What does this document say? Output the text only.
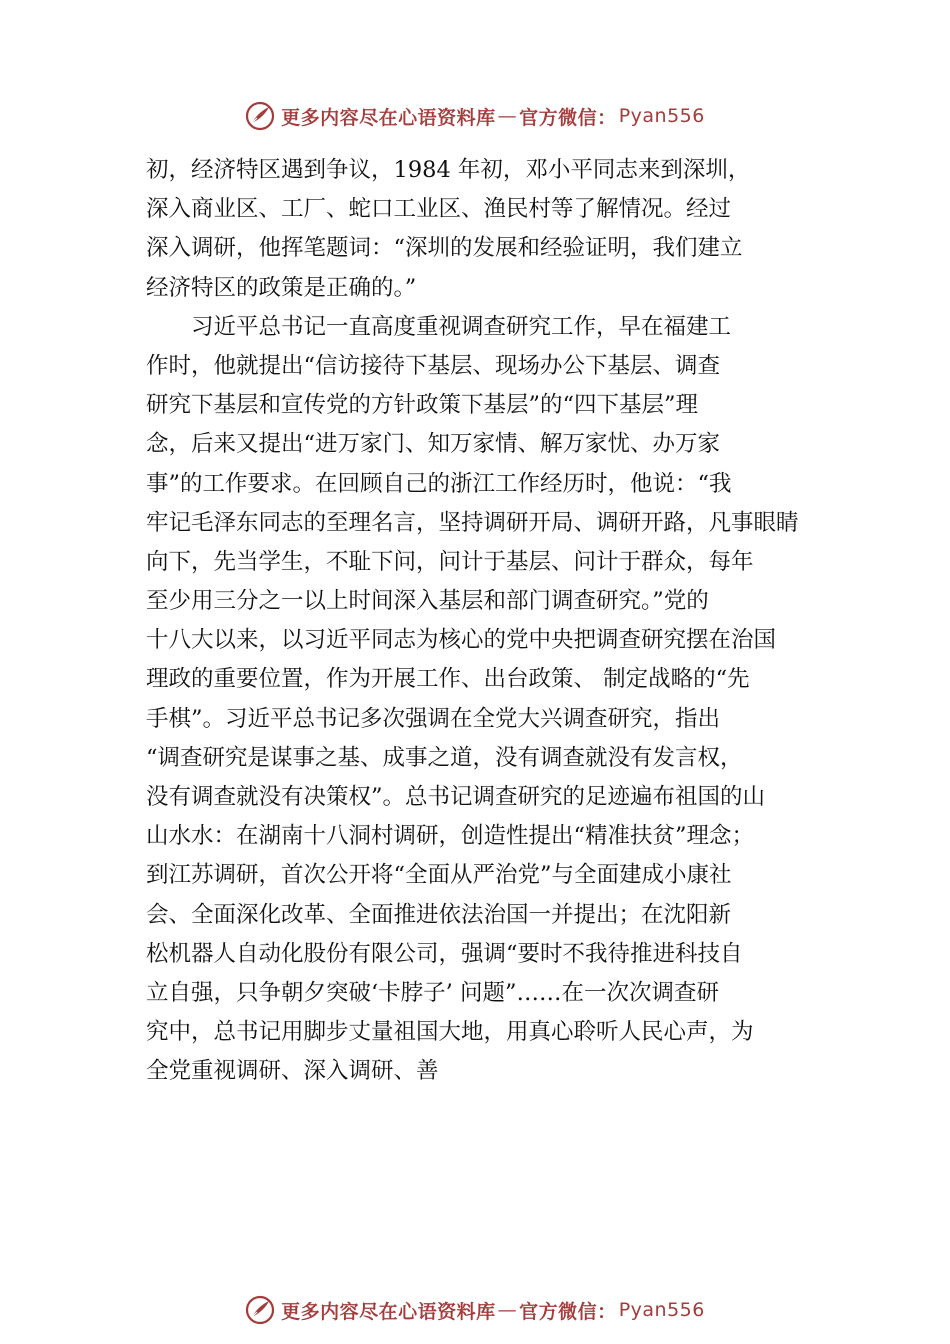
更多内容尽在心语资料库 — 官方微信： Pyan556
初，经济特区遇到争议，1984 年初，邓小平同志来到深圳，
深入商业区、工厂、蛇口工业区、渔民村等了解情况。经过
深入调研，他挥笔题词：“深圳的发展和经验证明，我们建立
经济特区的政策是正确的。”
　　习近平总书记一直高度重视调查研究工作，早在福建工
作时，他就提出“信访接待下基层、现场办公下基层、调查
研究下基层和宣传党的方针政策下基层”的“四下基层”理
念，后来又提出“进万家门、知万家情、解万家忧、办万家
事”的工作要求。在回顾自己的浙江工作经历时，他说：“我
牢记毛泽东同志的至理名言，坚持调研开局、调研开路，凡事眼睛
向下，先当学生，不耻下问，问计于基层、问计于群众，每年
至少用三分之一以上时间深入基层和部门调查研究。”党的
十八大以来，以习近平同志为核心的党中央把调查研究摆在治国
理政的重要位置，作为开展工作、出台政策、 制定战略的“先
手棋”。习近平总书记多次强调在全党大兴调查研究，指出
“调查研究是谋事之基、成事之道，没有调查就没有发言权，
没有调查就没有决策权”。总书记调查研究的足迹遍布祖国的山
山水水：在湖南十八洞村调研，创造性提出“精准扶贫”理念；
到江苏调研，首次公开将“全面从严治党”与全面建成小康社
会、全面深化改革、全面推进依法治国一并提出；在沈阳新
松机器人自动化股份有限公司，强调“要时不我待推进科技自
立自强，只争朝夕突破‘卡脖子’ 问题”……在一次次调查研
究中，总书记用脚步丈量祖国大地，用真心聆听人民心声，为
全党重视调研、深入调研、善
更多内容尽在心语资料库 — 官方微信： Pyan556
